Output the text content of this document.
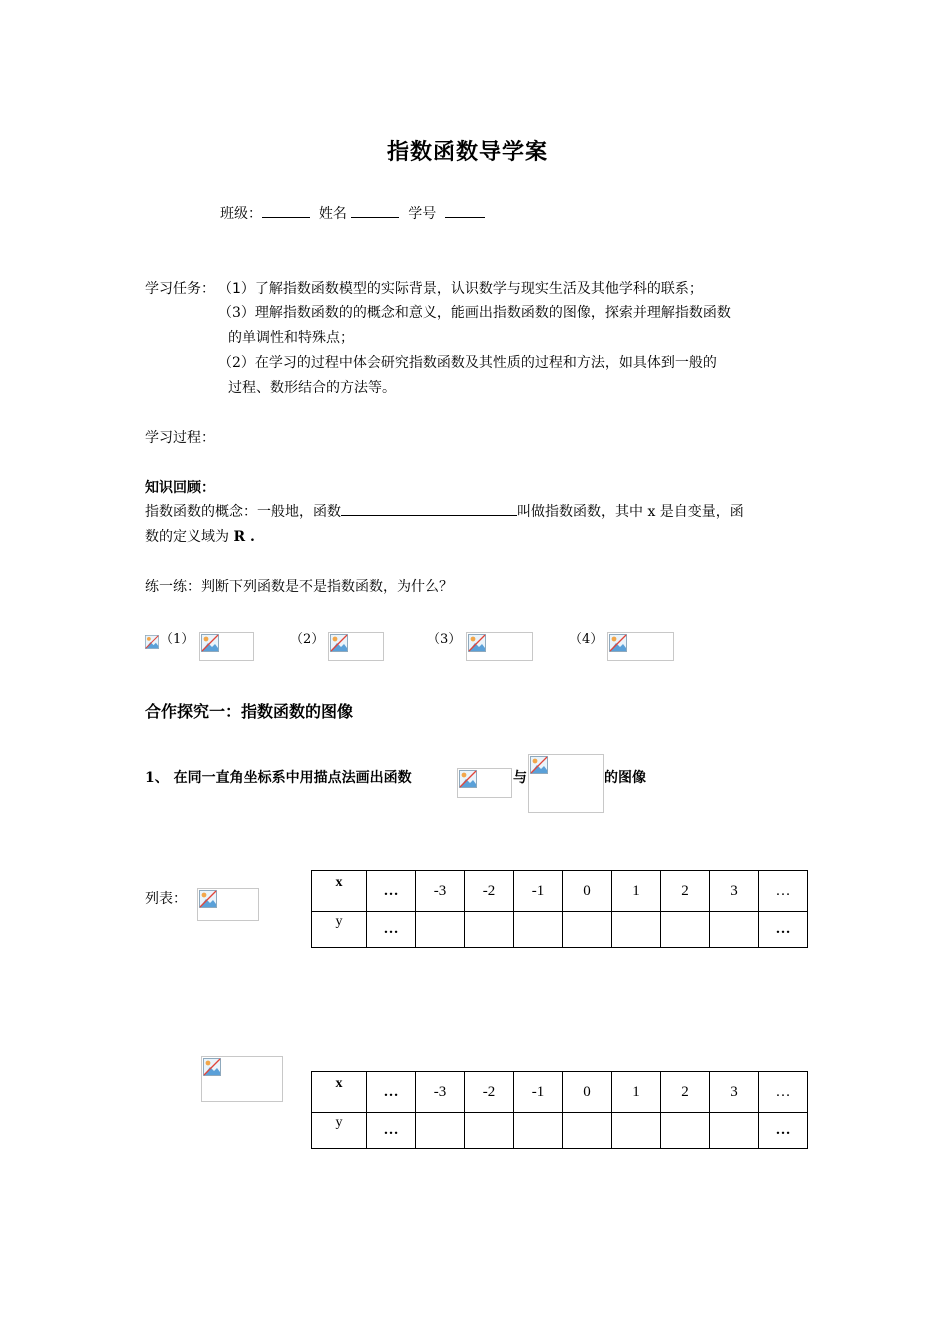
指数函数导学案
班级：	姓名	学号
学习任务： （1）了解指数函数模型的实际背景，认识数学与现实生活及其他学科的联系；
（3）理解指数函数的的概念和意义，能画出指数函数的图像，探索并理解指数函数
的单调性和特殊点；
（2）在学习的过程中体会研究指数函数及其性质的过程和方法，如具体到一般的
过程、数形结合的方法等。
学习过程：
知识回顾：
指数函数的概念：一般地，函数	叫做指数函数，其中 x 是自变量，函
数的定义域为 R .
练一练：判断下列函数是不是指数函数，为什么？
（1）	（2）	（3）	（4）
合作探究一：指数函数的图像
1、 在同一直角坐标系中用描点法画出函数	与	的图像
列表：
x	…	-3	-2	-1	0	1	2	3	…
y	…								…
x	…	-3	-2	-1	0	1	2	3	…
y	…								…
